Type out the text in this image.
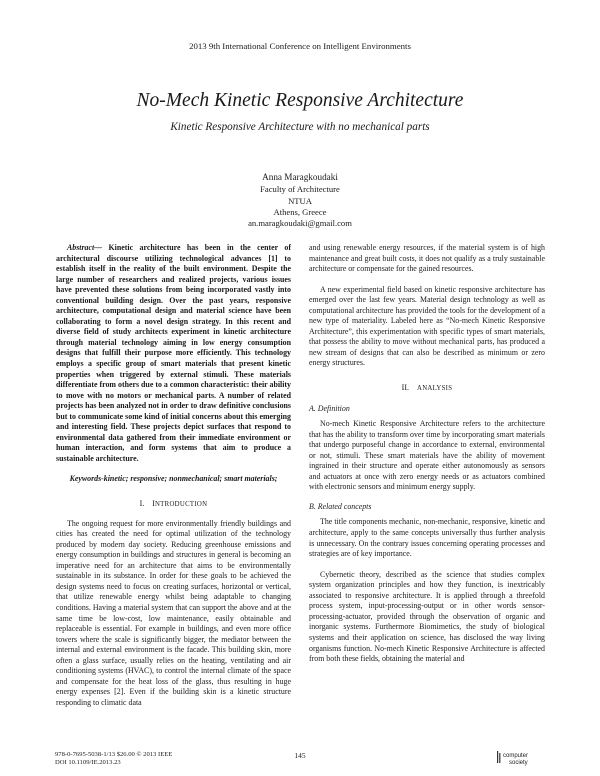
2013 9th International Conference on Intelligent Environments
No-Mech Kinetic Responsive Architecture
Kinetic Responsive Architecture with no mechanical parts
Anna Maragkoudaki
Faculty of Architecture
NTUA
Athens, Greece
an.maragkoudaki@gmail.com

Abstract— Kinetic architecture has been in the center of architectural discourse utilizing technological advances [1] to establish itself in the reality of the built environment. Despite the large number of researchers and realized projects, various issues have prevented these solutions from being incorporated vastly into conventional building design. Over the past years, responsive architecture, computational design and material science have been collaborating to form a novel design strategy. In this recent and diverse field of study architects experiment in kinetic architecture through material technology aiming in low energy consumption designs that fulfill their purpose more efficiently. This technology employs a specific group of smart materials that present kinetic properties when triggered by external stimuli. These materials differentiate from others due to a common characteristic: their ability to move with no motors or mechanical parts. A number of related projects has been analyzed not in order to draw definitive conclusions but to communicate some kind of initial concerns about this emerging and interesting field. These projects depict surfaces that respond to environmental data gathered from their immediate environment or human interaction, and form systems that aim to produce a sustainable architecture.

Keywords-kinetic; responsive; nonmechanical; smart materials;

I. INTRODUCTION

The ongoing request for more environmentally friendly buildings and cities has created the need for optimal utilization of the technology produced by modern day society. Reducing greenhouse emissions and energy consumption in buildings and structures in general is becoming an imperative need for an architecture that aims to be environmentally sustainable in its substance. In order for these goals to be achieved the design systems need to focus on creating surfaces, horizontal or vertical, that utilize renewable energy whilst being adaptable to changing conditions. Having a material system that can support the above and at the same time be low-cost, low maintenance, easily obtainable and replaceable is essential. For example in buildings, and even more office towers where the scale is significantly bigger, the mediator between the internal and external environment is the facade. This building skin, more often a glass surface, usually relies on the heating, ventilating and air conditioning systems (HVAC), to control the internal climate of the space and compensate for the heat loss of the glass, thus resulting in huge energy expenses [2]. Even if the building skin is a kinetic structure responding to climatic data

and using renewable energy resources, if the material system is of high maintenance and great built costs, it does not qualify as a truly sustainable architecture or compensate for the gained resources.

A new experimental field based on kinetic responsive architecture has emerged over the last few years. Material design technology as well as computational architecture has provided the tools for the development of a new type of materiality. Labeled here as “No-mech Kinetic Responsive Architecture”, this experimentation with specific types of smart materials, that possess the ability to move without mechanical parts, has produced a new stream of designs that can also be described as minimum or zero energy structures.

II. ANALYSIS
A. Definition

No-mech Kinetic Responsive Architecture refers to the architecture that has the ability to transform over time by incorporating smart materials that undergo purposeful change in accordance to external, environmental or not, stimuli. These smart materials have the ability of movement ingrained in their structure and operate either autonomously as sensors and actuators at once with zero energy needs or as actuators combined with electronic sensors and minimum energy supply.

B. Related concepts

The title components mechanic, non-mechanic, responsive, kinetic and architecture, apply to the same concepts universally thus further analysis is unnecessary. On the contrary issues concerning operating processes and strategies are of key importance.

Cybernetic theory, described as the science that studies complex system organization principles and how they function, is inextricably associated to responsive architecture. It is applied through a threefold process system, input-processing-output or in other words sensor-processing-actuator, provided through the observation of organic and inorganic systems. Furthermore Biomimetics, the study of biological systems and their application on science, has disclosed the way living organisms function. No-mech Kinetic Responsive Architecture is affected from both these fields, obtaining the material and

978-0-7695-5038-1/13 $26.00 © 2013 IEEE
DOI 10.1109/IE.2013.23
145	computer
society
